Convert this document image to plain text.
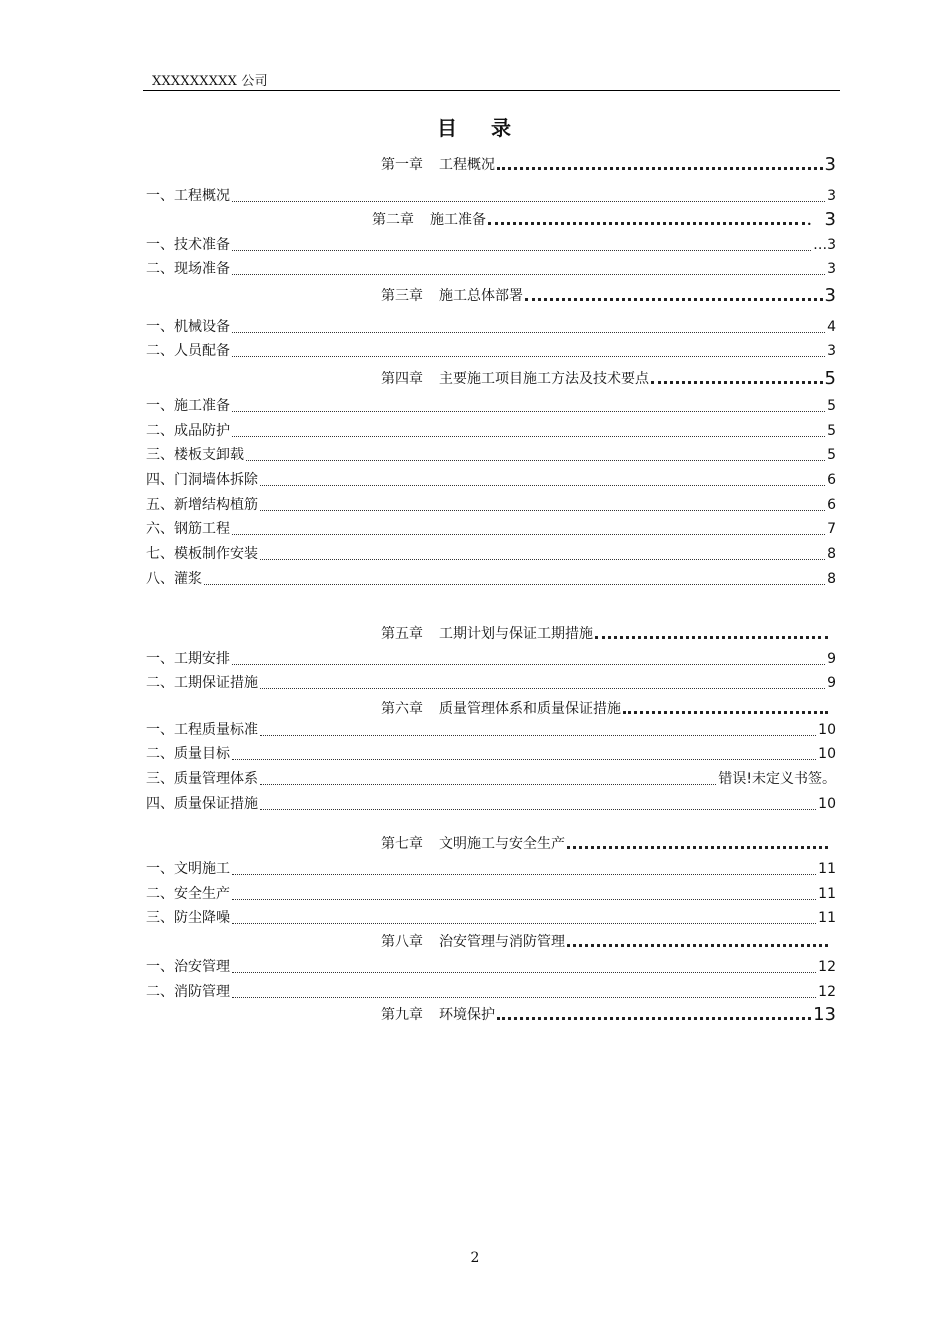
XXXXXXXXX 公司
目 录
第一章 工程概况	3
一、工程概况	3
第二章 施工准备	．3
一、技术准备	…3
二、现场准备	3
第三章 施工总体部署	3
一、机械设备	4
二、人员配备	3
第四章 主要施工项目施工方法及技术要点	5
一、施工准备	5
二、成品防护	5
三、楼板支卸载	5
四、门洞墙体拆除	6
五、新增结构植筋	6
六、钢筋工程	7
七、模板制作安装	8
八、灌浆	8
第五章 工期计划与保证工期措施
一、工期安排	9
二、工期保证措施	9
第六章 质量管理体系和质量保证措施
一、工程质量标准	10
二、质量目标	10
三、质量管理体系	错误!未定义书签。
四、质量保证措施	10
第七章 文明施工与安全生产
一、文明施工	11
二、安全生产	11
三、防尘降噪	11
第八章 治安管理与消防管理
一、治安管理	12
二、消防管理	12
第九章 环境保护	13
2
